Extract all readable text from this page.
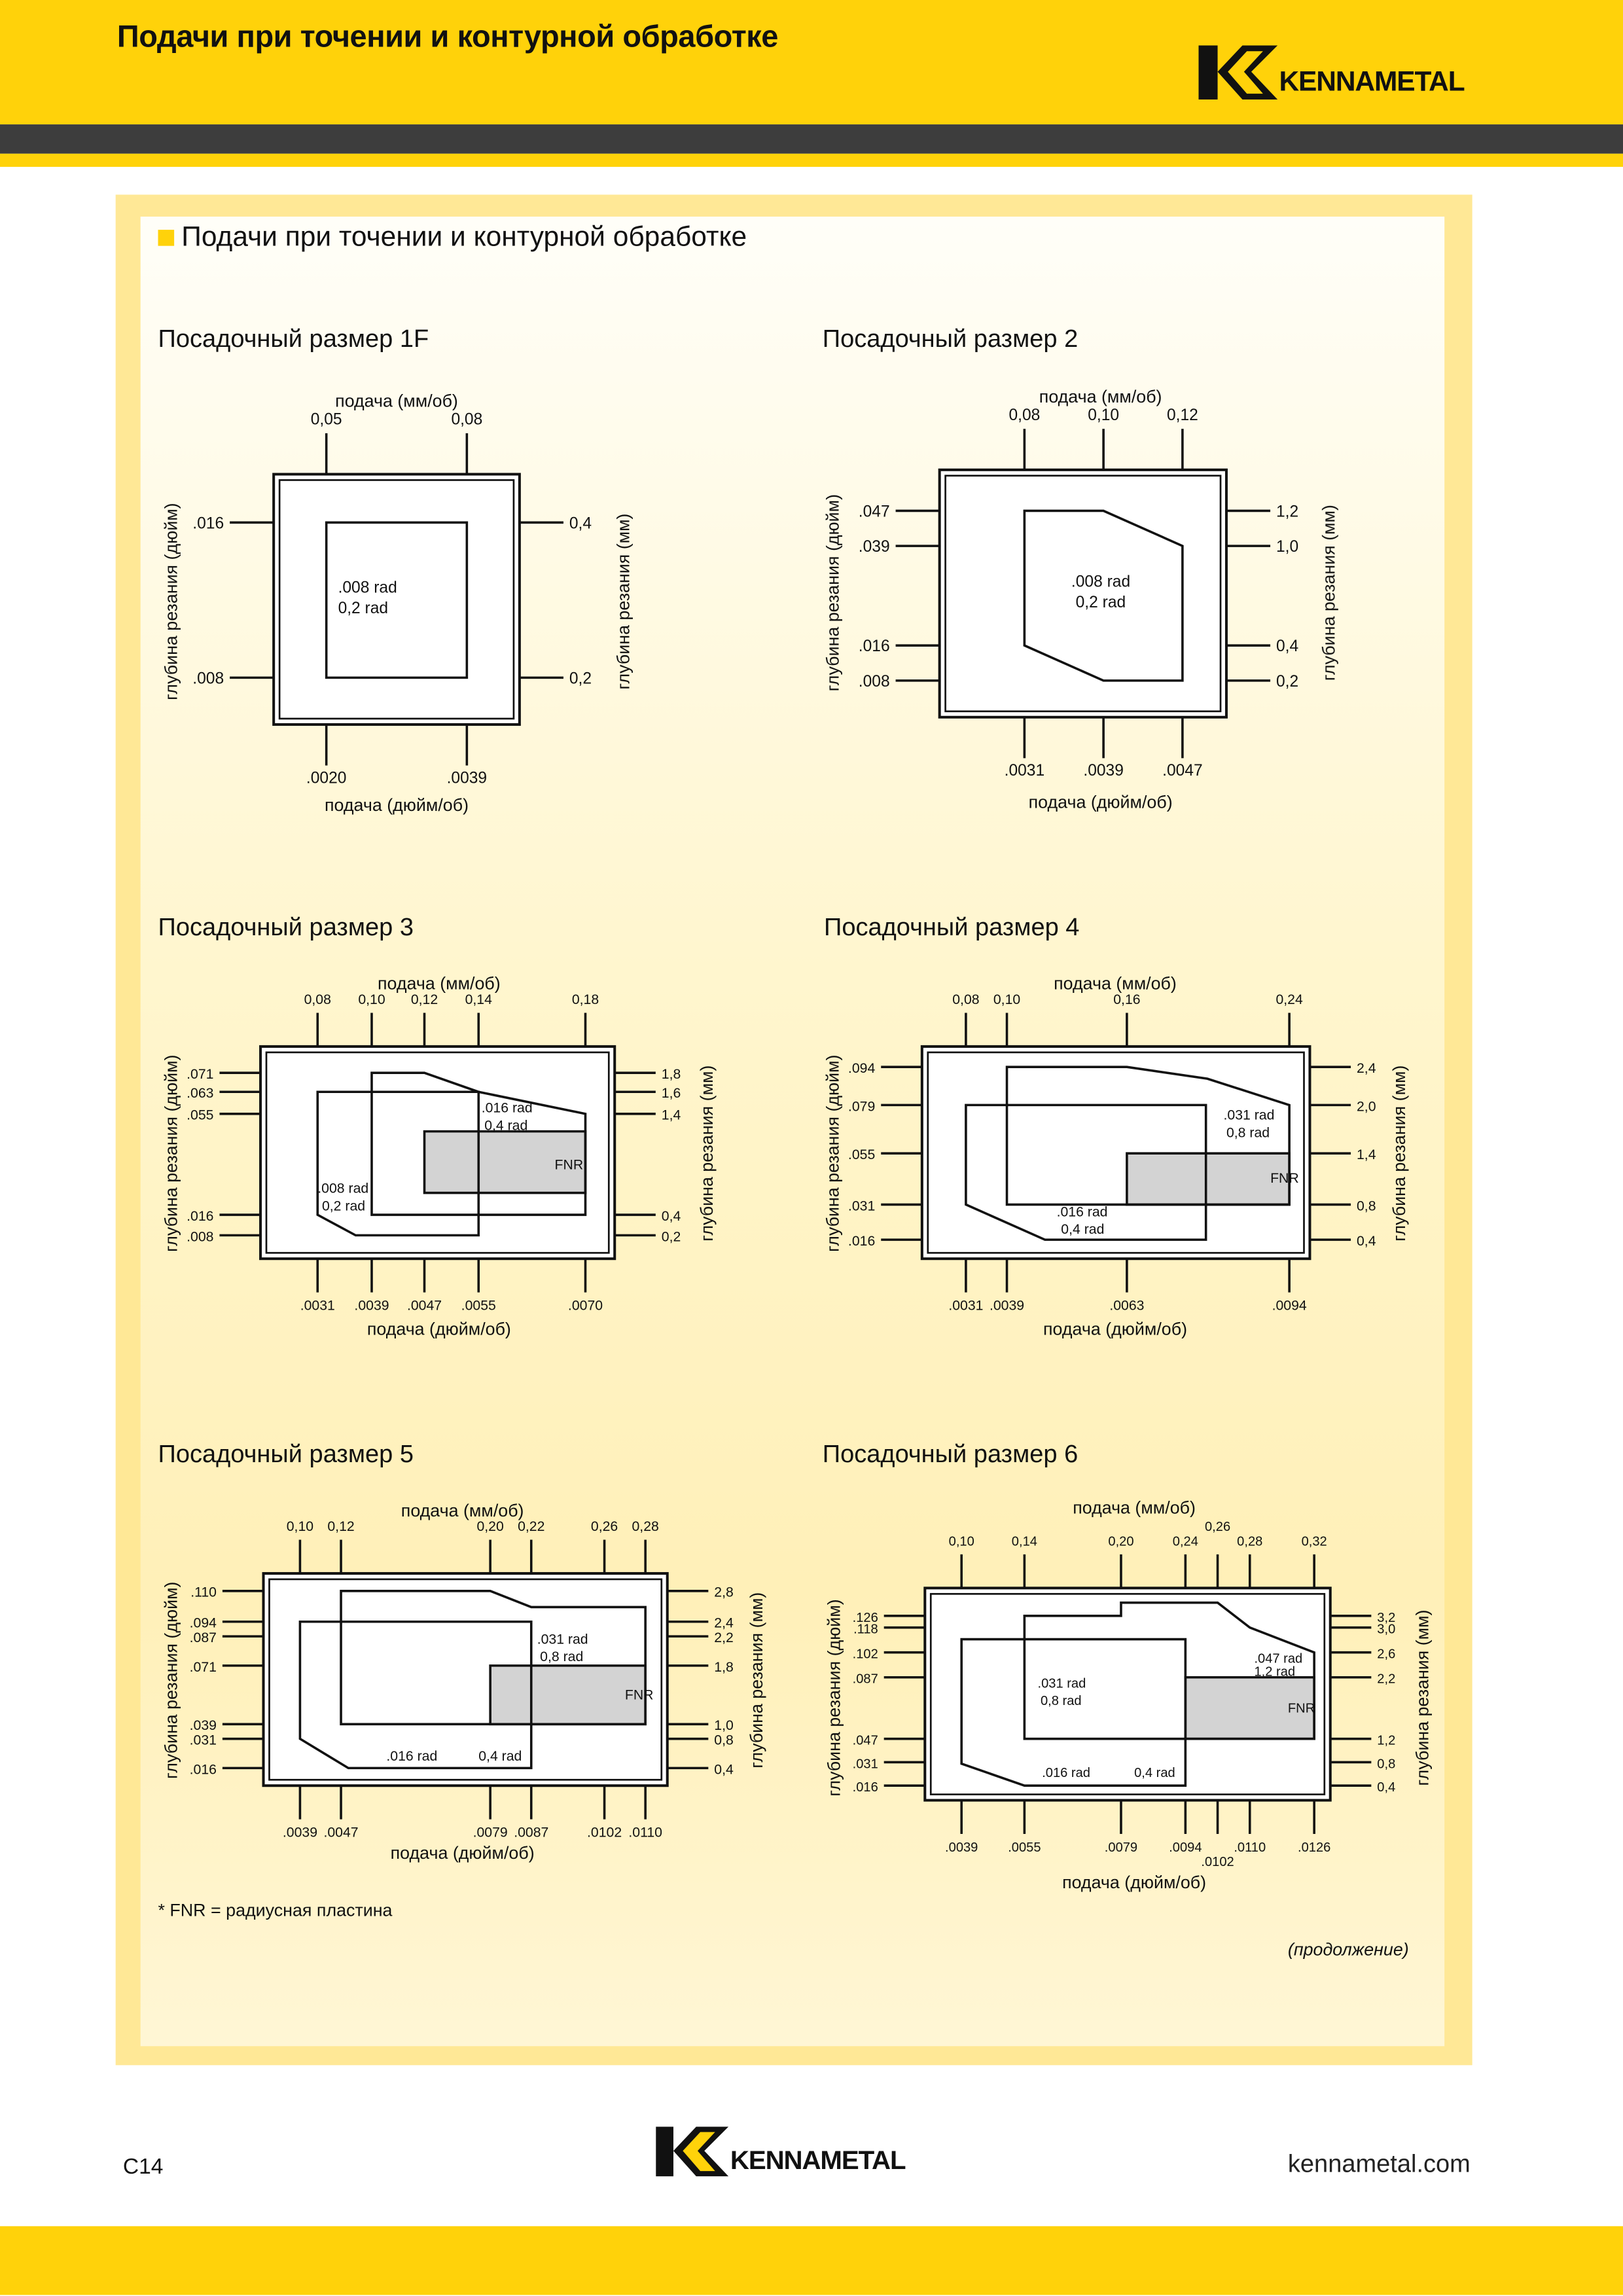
Подачи при точении и контурной обработке
KENNAMETAL
Подачи при точении и контурной обработке
Посадочный размер 1F	Посадочный размер 2
Посадочный размер 3	Посадочный размер 4
Посадочный размер 5	Посадочный размер 6
0,05	0,08
.0020	.0039
.016
.008
0,4
0,2
подача (мм/об)
подача (дюйм/об)
глубина резания (дюйм)	глубина резания (мм)
.008 rad
0,2 rad
0,08	0,10	0,12
.0031	.0039	.0047
.047
.039
.016
.008
1,2
1,0
0,4
0,2
подача (мм/об)
подача (дюйм/об)
глубина резания (дюйм)	глубина резания (мм)
.008 rad
0,2 rad
0,08	0,10	0,12	0,14	0,18
.0031	.0039	.0047	.0055	.0070
.071
.063
.055
.016
.008
1,8
1,6
1,4
0,4
0,2
подача (мм/об)
подача (дюйм/об)
глубина резания (дюйм)	глубина резания (мм)
.016 rad
0,4 rad
.008 rad
0,2 rad
FNR
0,08 0,10	0,16	0,24
.0031 .0039	.0063	.0094
.094
.079
.055
.031
.016
2,4
2,0
1,4
0,8
0,4
подача (мм/об)
подача (дюйм/об)
глубина резания (дюйм)	глубина резания (мм)
.031 rad
0,8 rad
.016 rad
0,4 rad
FNR
0,10 0,12	0,20 0,22	0,26 0,28
.0039 .0047	.0079 .0087	.0102 .0110
.110
.094
.087
.071
.039
.031
.016
2,8
2,4
2,2
1,8
1,0
0,8
0,4
подача (мм/об)
подача (дюйм/об)
глубина резания (дюйм)	глубина резания (мм)
.031 rad
0,8 rad
.016 rad	0,4 rad
FNR
0,10	0,14	0,20	0,24
0,26
0,28	0,32
.0039	.0055	.0079	.0094
.0102
.0110	.0126
.126
.118
.102
.087
.047
.031
.016
3,2
3,0
2,6
2,2
1,2
0,8
0,4
подача (мм/об)
подача (дюйм/об)
глубина резания (дюйм)	глубина резания (мм)
.031 rad
0,8 rad
.047 rad
1,2 rad
.016 rad	0,4 rad
FNR
* FNR = радиусная пластина
(продолжение)
C14	KENNAMETAL	kennametal.com
